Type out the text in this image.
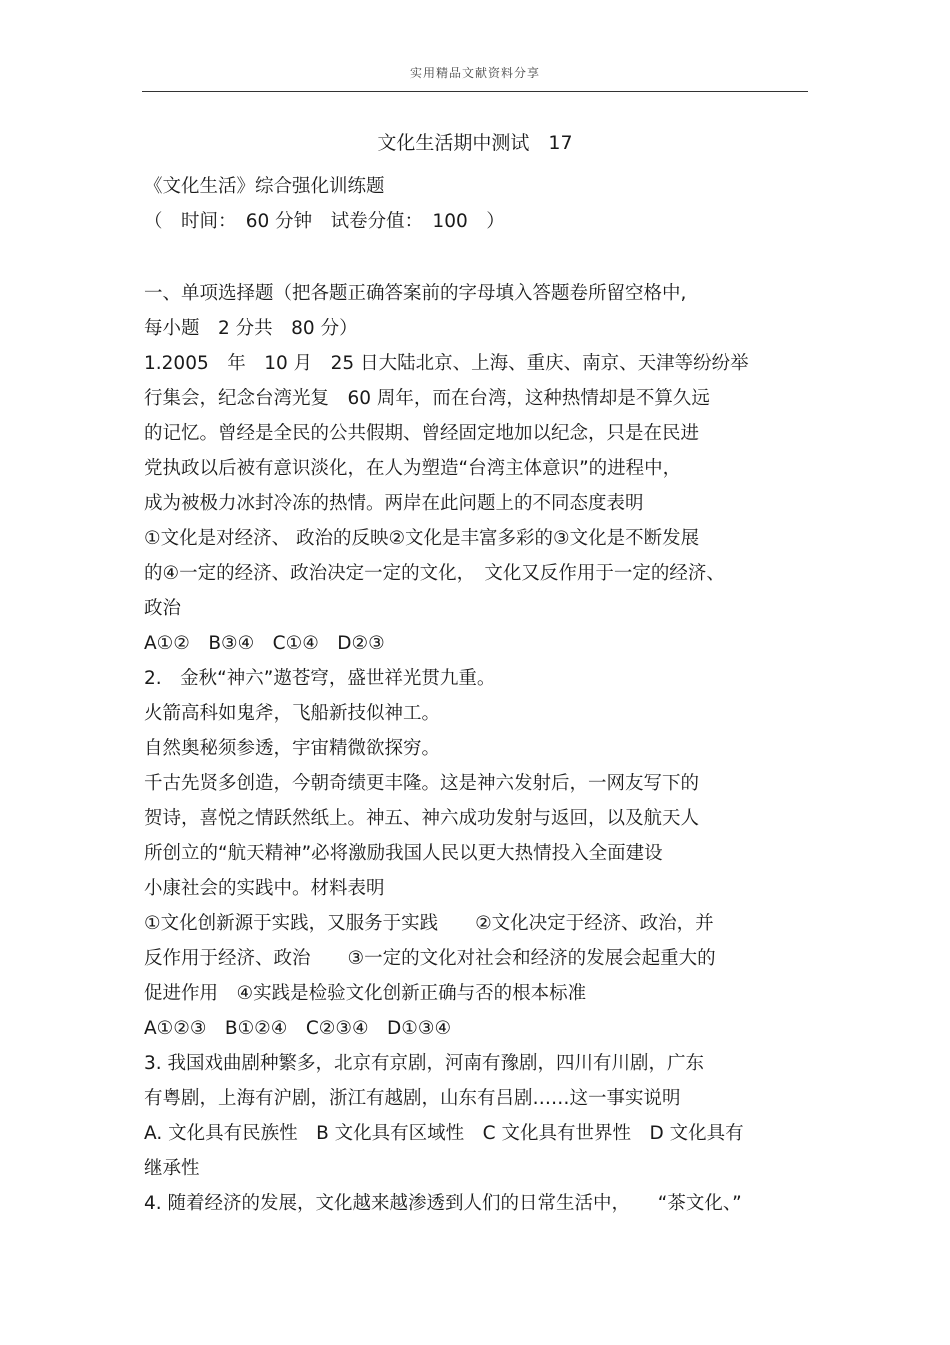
实用精品文献资料分享
文化生活期中测试　17
《文化生活》综合强化训练题
（　时间：　60 分钟　试卷分值：　100　）
一、单项选择题（把各题正确答案前的字母填入答题卷所留空格中,
每小题　2 分共　80 分）
1.2005　年　10 月　25 日大陆北京、上海、重庆、南京、天津等纷纷举
行集会，纪念台湾光复　60 周年，而在台湾，这种热情却是不算久远
的记忆。曾经是全民的公共假期、曾经固定地加以纪念，只是在民进
党执政以后被有意识淡化，在人为塑造“台湾主体意识”的进程中，
成为被极力冰封冷冻的热情。两岸在此问题上的不同态度表明
①文化是对经济、 政治的反映②文化是丰富多彩的③文化是不断发展
的④一定的经济、政治决定一定的文化，　文化又反作用于一定的经济、
政治
A①②　B③④　C①④　D②③
2.　金秋“神六”遨苍穹，盛世祥光贯九重。
火箭高科如鬼斧，飞船新技似神工。
自然奥秘须参透，宇宙精微欲探穷。
千古先贤多创造，今朝奇绩更丰隆。这是神六发射后，一网友写下的
贺诗，喜悦之情跃然纸上。神五、神六成功发射与返回，以及航天人
所创立的“航天精神”必将激励我国人民以更大热情投入全面建设
小康社会的实践中。材料表明
①文化创新源于实践，又服务于实践　　②文化决定于经济、政治，并
反作用于经济、政治　　③一定的文化对社会和经济的发展会起重大的
促进作用　④实践是检验文化创新正确与否的根本标准
A①②③　B①②④　C②③④　D①③④
3. 我国戏曲剧种繁多，北京有京剧，河南有豫剧，四川有川剧，广东
有粤剧，上海有沪剧，浙江有越剧，山东有吕剧……这一事实说明
A. 文化具有民族性　B 文化具有区域性　C 文化具有世界性　D 文化具有
继承性
4. 随着经济的发展，文化越来越渗透到人们的日常生活中，　　“茶文化、”
